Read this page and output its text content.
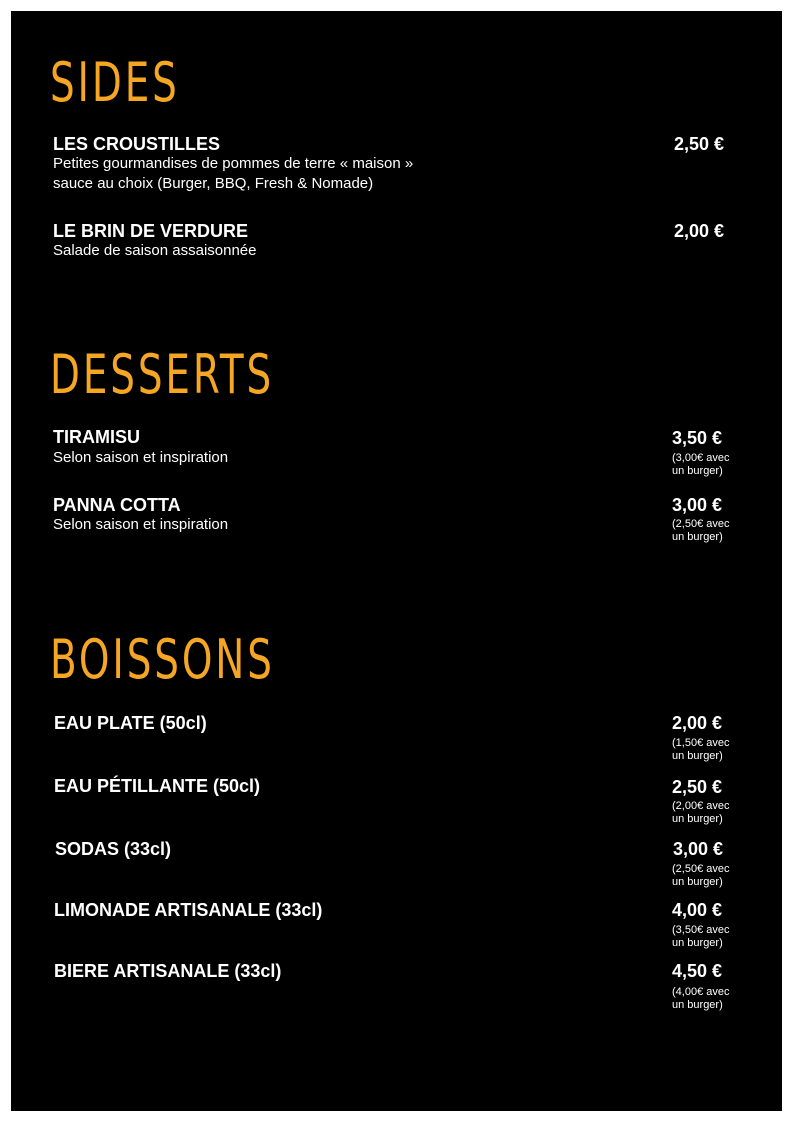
SIDES
LES CROUSTILLES
Petites gourmandises de pommes de terre « maison »
sauce au choix (Burger, BBQ, Fresh & Nomade)
2,50 €
LE BRIN DE VERDURE
Salade de saison assaisonnée
2,00 €
DESSERTS
TIRAMISU
Selon saison et inspiration
3,50 €
(3,00€ avec
un burger)
PANNA COTTA
Selon saison et inspiration
3,00 €
(2,50€ avec
un burger)
BOISSONS
EAU PLATE (50cl)	2,00 €
(1,50€ avec
un burger)
EAU PÉTILLANTE (50cl)	2,50 €
(2,00€ avec
un burger)
SODAS (33cl)	3,00 €
(2,50€ avec
un burger)
LIMONADE ARTISANALE (33cl)	4,00 €
(3,50€ avec
un burger)
BIERE ARTISANALE (33cl)	4,50 €
(4,00€ avec
un burger)
